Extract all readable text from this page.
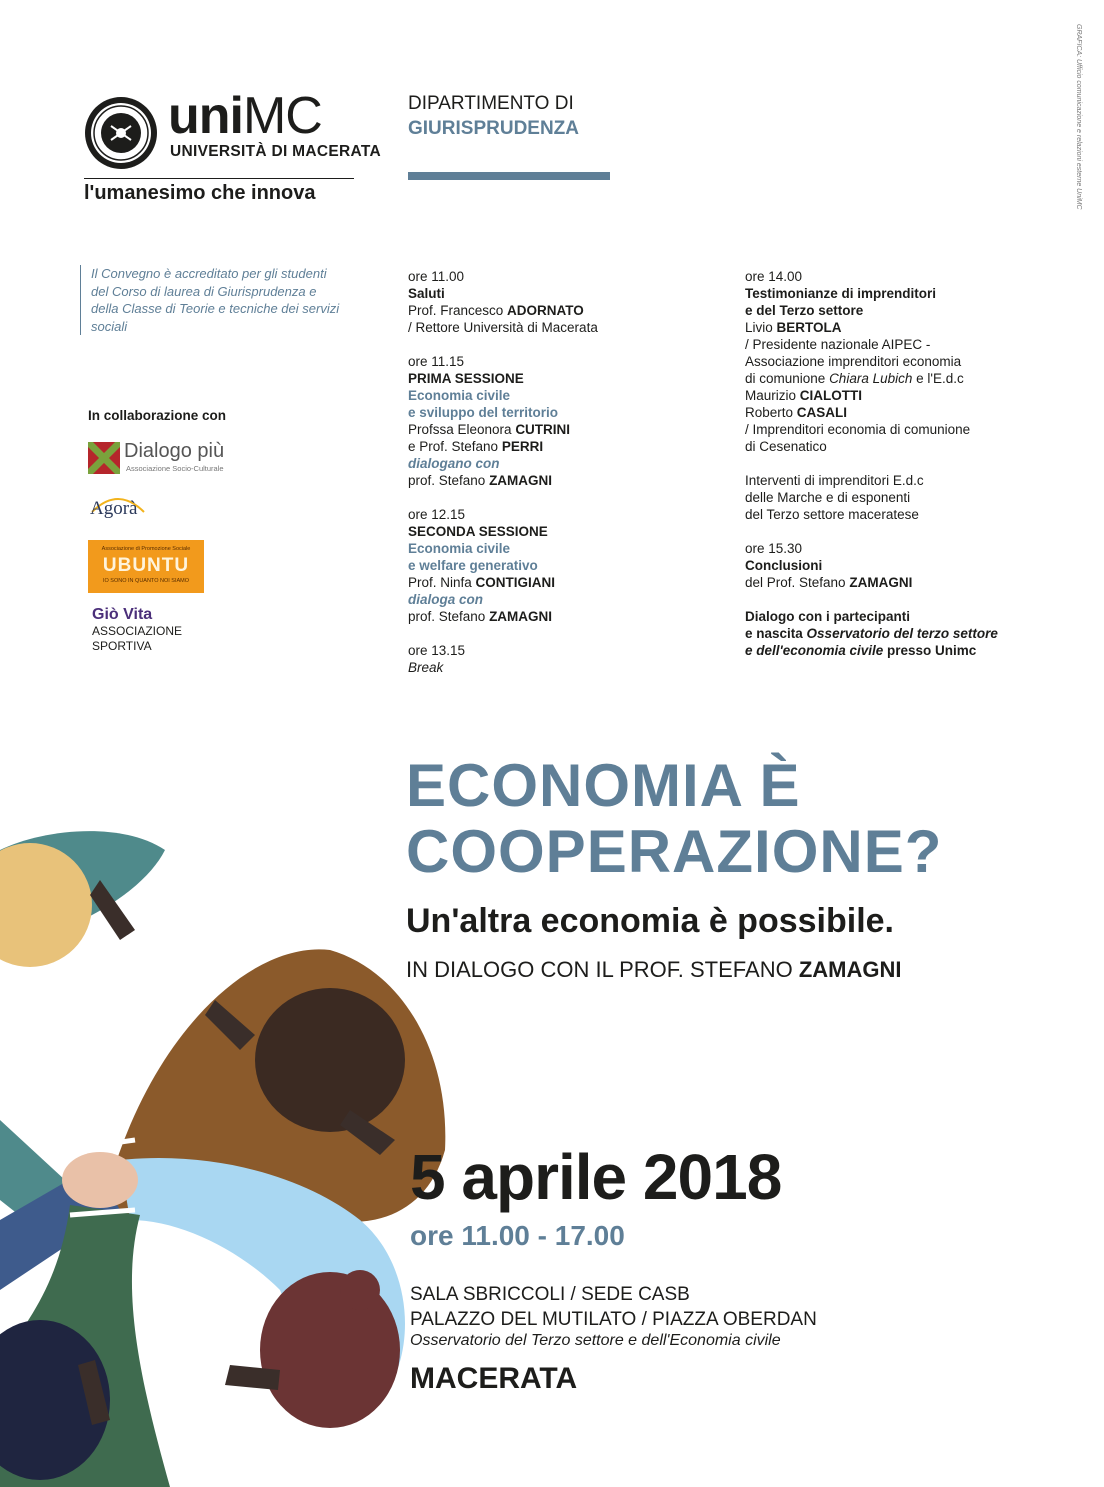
uniMC
UNIVERSITÀ DI MACERATA
l'umanesimo che innova
DIPARTIMENTO DI
GIURISPRUDENZA	GRAFICA: Ufficio comunicazione e relazioni esterne UniMC
Il Convegno è accreditato per gli studenti del Corso di laurea di Giurisprudenza e della Classe di Teorie e tecniche dei servizi sociali
In collaborazione con
Dialogo più
Associazione Socio-Culturale
Agorà
Associazione di Promozione Sociale
UBUNTU
IO SONO IN QUANTO NOI SIAMO
Giò Vita
ASSOCIAZIONE
SPORTIVA
ore 11.00
Saluti
Prof. Francesco ADORNATO
/ Rettore Università di Macerata
ore 11.15
PRIMA SESSIONE
Economia civile
e sviluppo del territorio
Profssa Eleonora CUTRINI
e Prof. Stefano PERRI
dialogano con
prof. Stefano ZAMAGNI
ore 12.15
SECONDA SESSIONE
Economia civile
e welfare generativo
Prof. Ninfa CONTIGIANI
dialoga con
prof. Stefano ZAMAGNI
ore 13.15
Break
ore 14.00
Testimonianze di imprenditori
e del Terzo settore
Livio BERTOLA
/ Presidente nazionale AIPEC -
Associazione imprenditori economia
di comunione Chiara Lubich e l'E.d.c
Maurizio CIALOTTI
Roberto CASALI
/ Imprenditori economia di comunione
di Cesenatico
Interventi di imprenditori E.d.c
delle Marche e di esponenti
del Terzo settore maceratese
ore 15.30
Conclusioni
del Prof. Stefano ZAMAGNI
Dialogo con i partecipanti
e nascita Osservatorio del terzo settore
e dell'economia civile presso Unimc
ECONOMIA È
COOPERAZIONE?
Un'altra economia è possibile.
IN DIALOGO CON IL PROF. STEFANO ZAMAGNI
5 aprile 2018
ore 11.00 - 17.00
SALA SBRICCOLI / SEDE CASB
PALAZZO DEL MUTILATO / PIAZZA OBERDAN
Osservatorio del Terzo settore e dell'Economia civile
MACERATA
